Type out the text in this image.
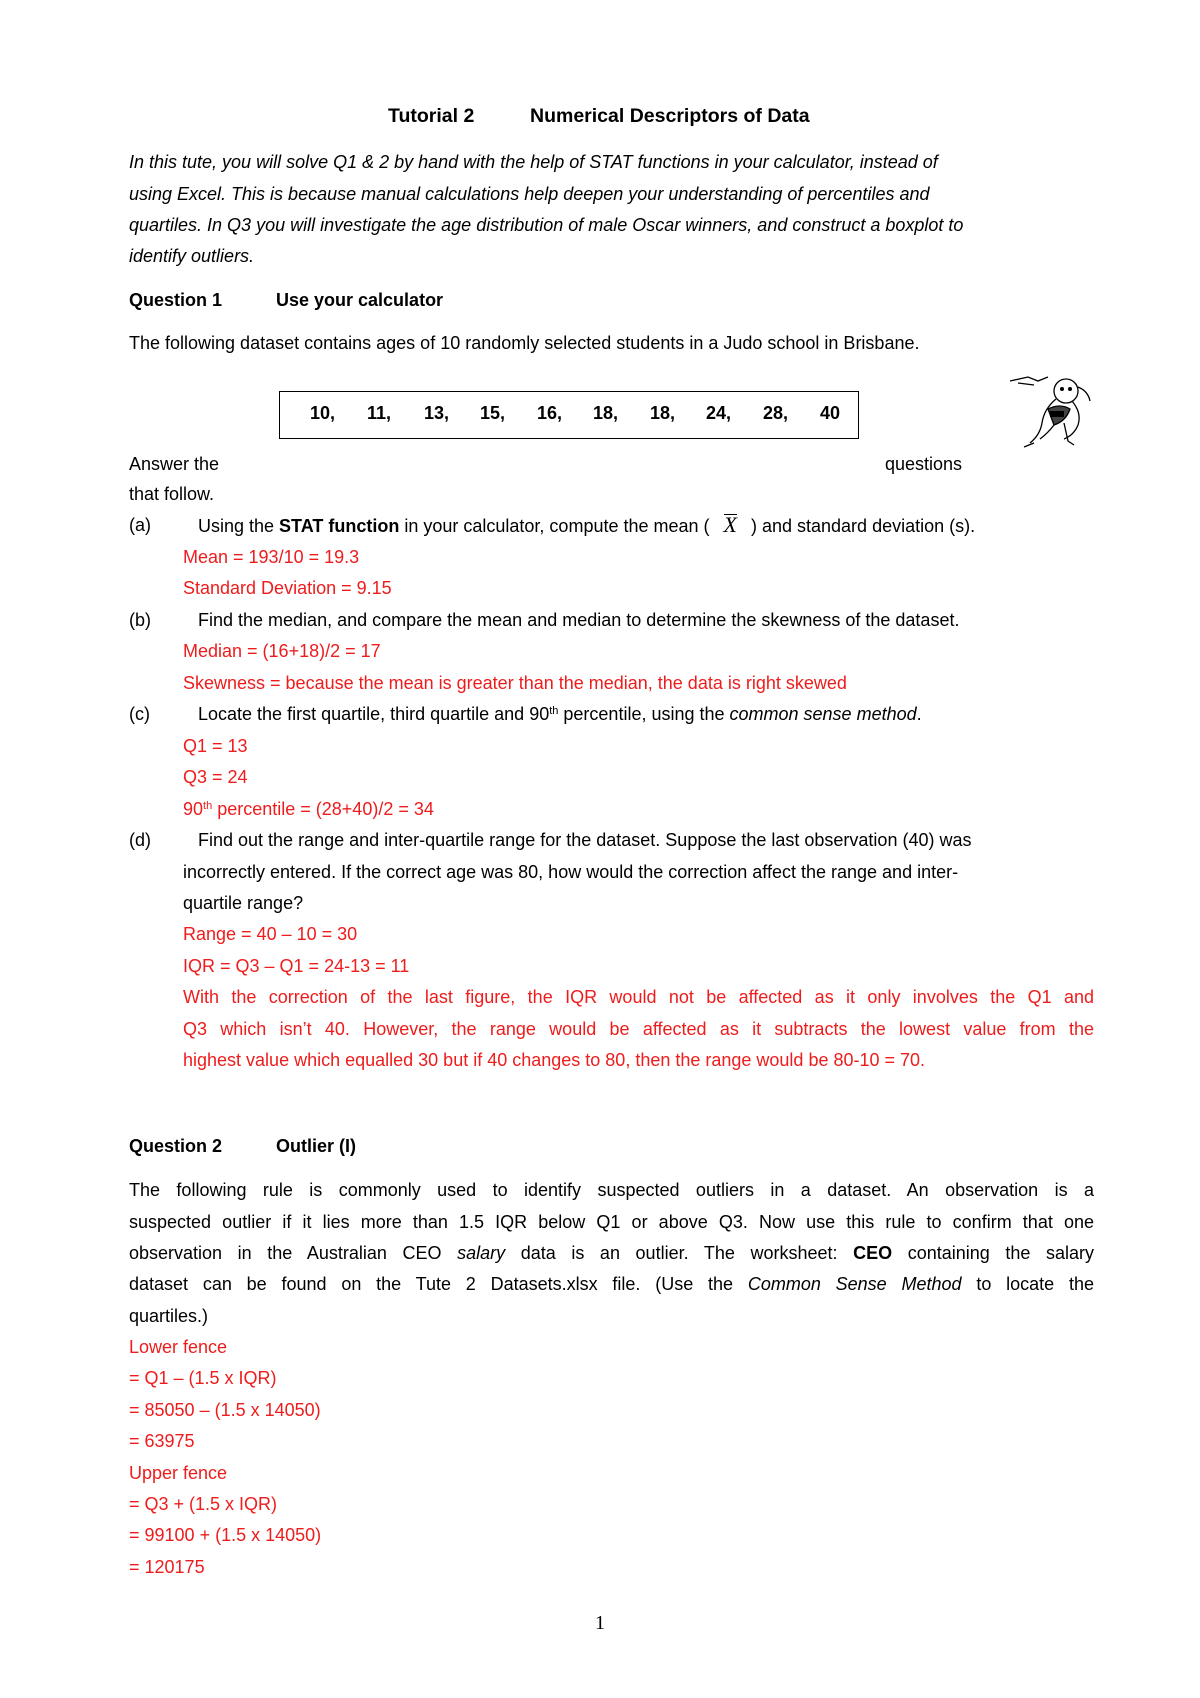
Tutorial 2	Numerical Descriptors of Data
In this tute, you will solve Q1 & 2 by hand with the help of STAT functions in your calculator, instead of
using Excel. This is because manual calculations help deepen your understanding of percentiles and
quartiles. In Q3 you will investigate the age distribution of male Oscar winners, and construct a boxplot to
identify outliers.
Question 1	Use your calculator
The following dataset contains ages of 10 randomly selected students in a Judo school in Brisbane.
10, 11, 13, 15, 16, 18, 18, 24, 28, 40
Answer the	questions
that follow.
(a)	Using the STAT function in your calculator, compute the mean ( X ) and standard deviation (s).
Mean = 193/10 = 19.3
Standard Deviation = 9.15
(b)	Find the median, and compare the mean and median to determine the skewness of the dataset.
Median = (16+18)/2 = 17
Skewness = because the mean is greater than the median, the data is right skewed
(c)	Locate the first quartile, third quartile and 90th percentile, using the common sense method.
Q1 = 13
Q3 = 24
90th percentile = (28+40)/2 = 34
(d)	Find out the range and inter-quartile range for the dataset. Suppose the last observation (40) was
incorrectly entered. If the correct age was 80, how would the correction affect the range and inter-
quartile range?
Range = 40 – 10 = 30
IQR = Q3 – Q1 = 24-13 = 11
With the correction of the last figure, the IQR would not be affected as it only involves the Q1 and
Q3 which isn’t 40. However, the range would be affected as it subtracts the lowest value from the
highest value which equalled 30 but if 40 changes to 80, then the range would be 80-10 = 70.
Question 2	Outlier (I)
The following rule is commonly used to identify suspected outliers in a dataset. An observation is a
suspected outlier if it lies more than 1.5 IQR below Q1 or above Q3. Now use this rule to confirm that one
observation in the Australian CEO salary data is an outlier. The worksheet: CEO containing the salary
dataset can be found on the Tute 2 Datasets.xlsx file. (Use the Common Sense Method to locate the
quartiles.)
Lower fence
= Q1 – (1.5 x IQR)
= 85050 – (1.5 x 14050)
= 63975
Upper fence
= Q3 + (1.5 x IQR)
= 99100 + (1.5 x 14050)
= 120175
1
